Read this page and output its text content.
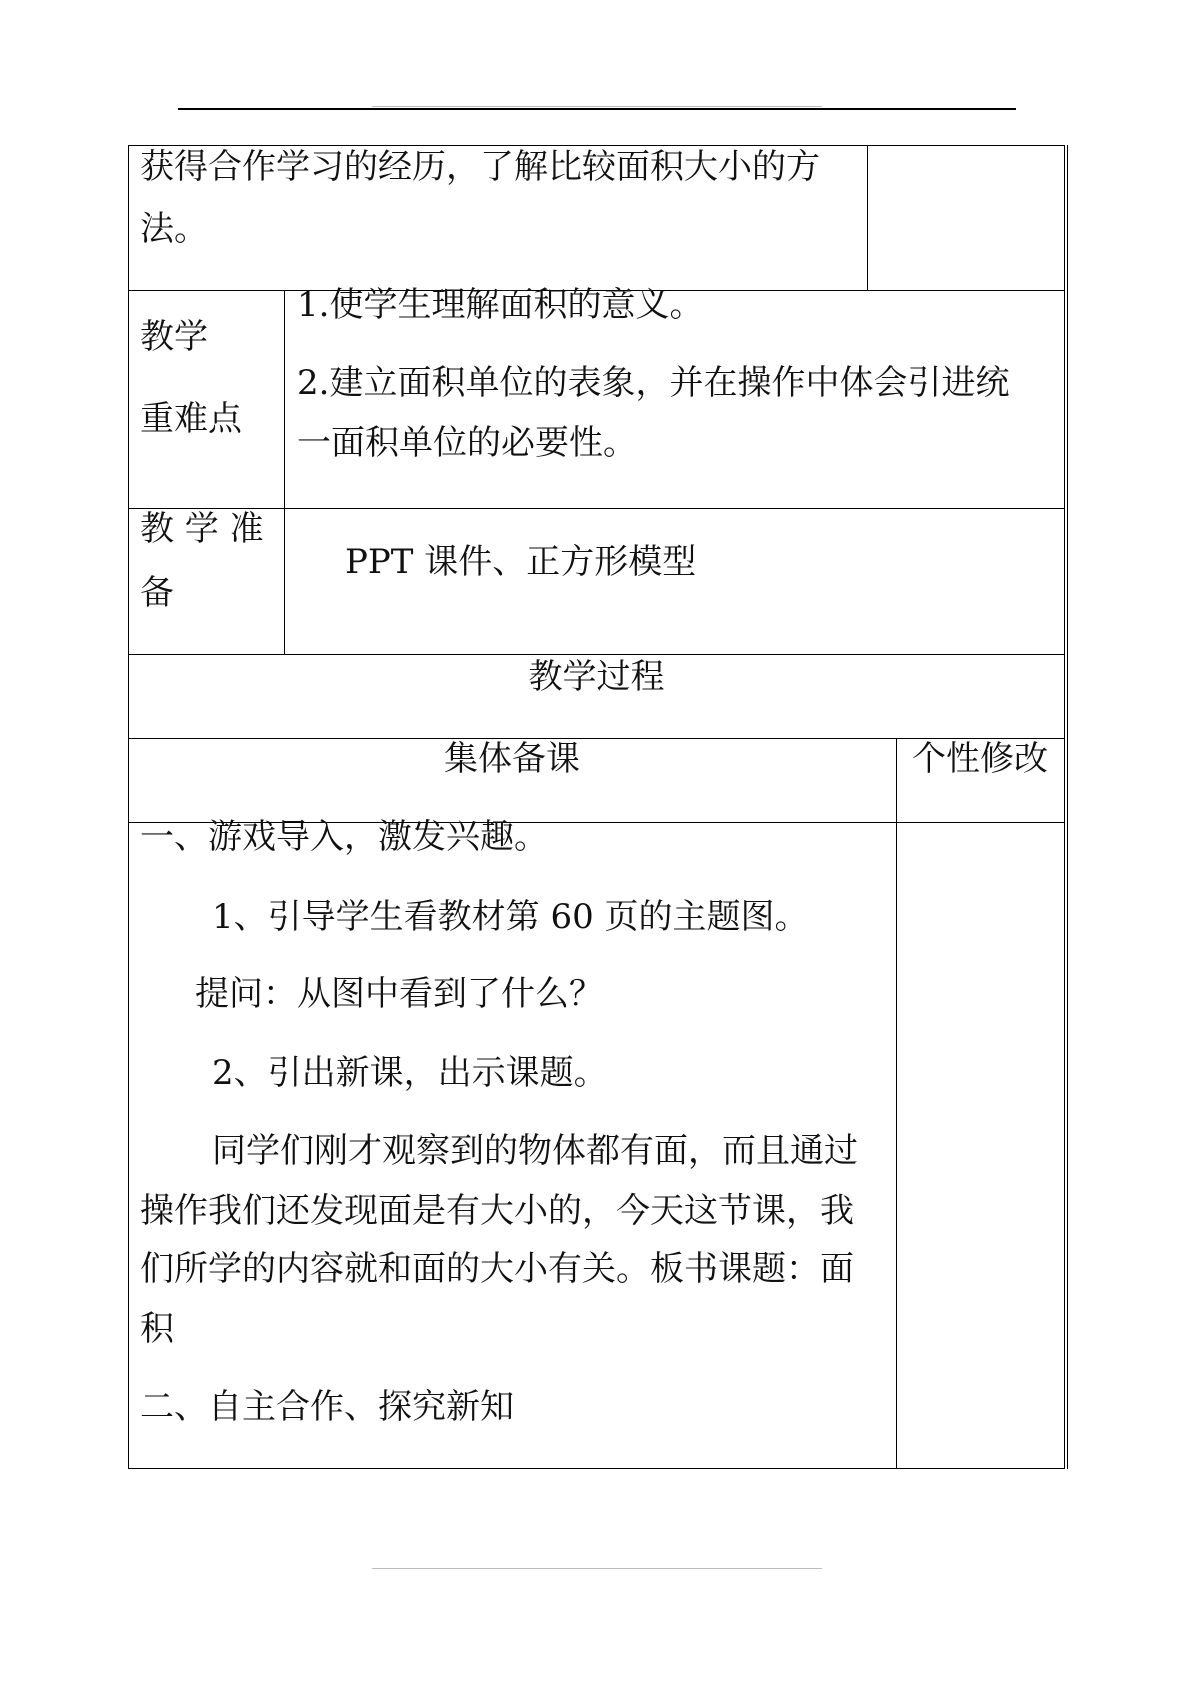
获得合作学习的经历，了解比较面积大小的方
法。
教学
重难点
1.使学生理解面积的意义。
2.建立面积单位的表象，并在操作中体会引进统
一面积单位的必要性。
教 学 准
备
PPT 课件、正方形模型
教学过程
集体备课	个性修改
一、游戏导入，激发兴趣。
1、引导学生看教材第 60 页的主题图。
提问：从图中看到了什么？
2、引出新课，出示课题。
同学们刚才观察到的物体都有面，而且通过
操作我们还发现面是有大小的，今天这节课，我
们所学的内容就和面的大小有关。板书课题：面
积
二、自主合作、探究新知
